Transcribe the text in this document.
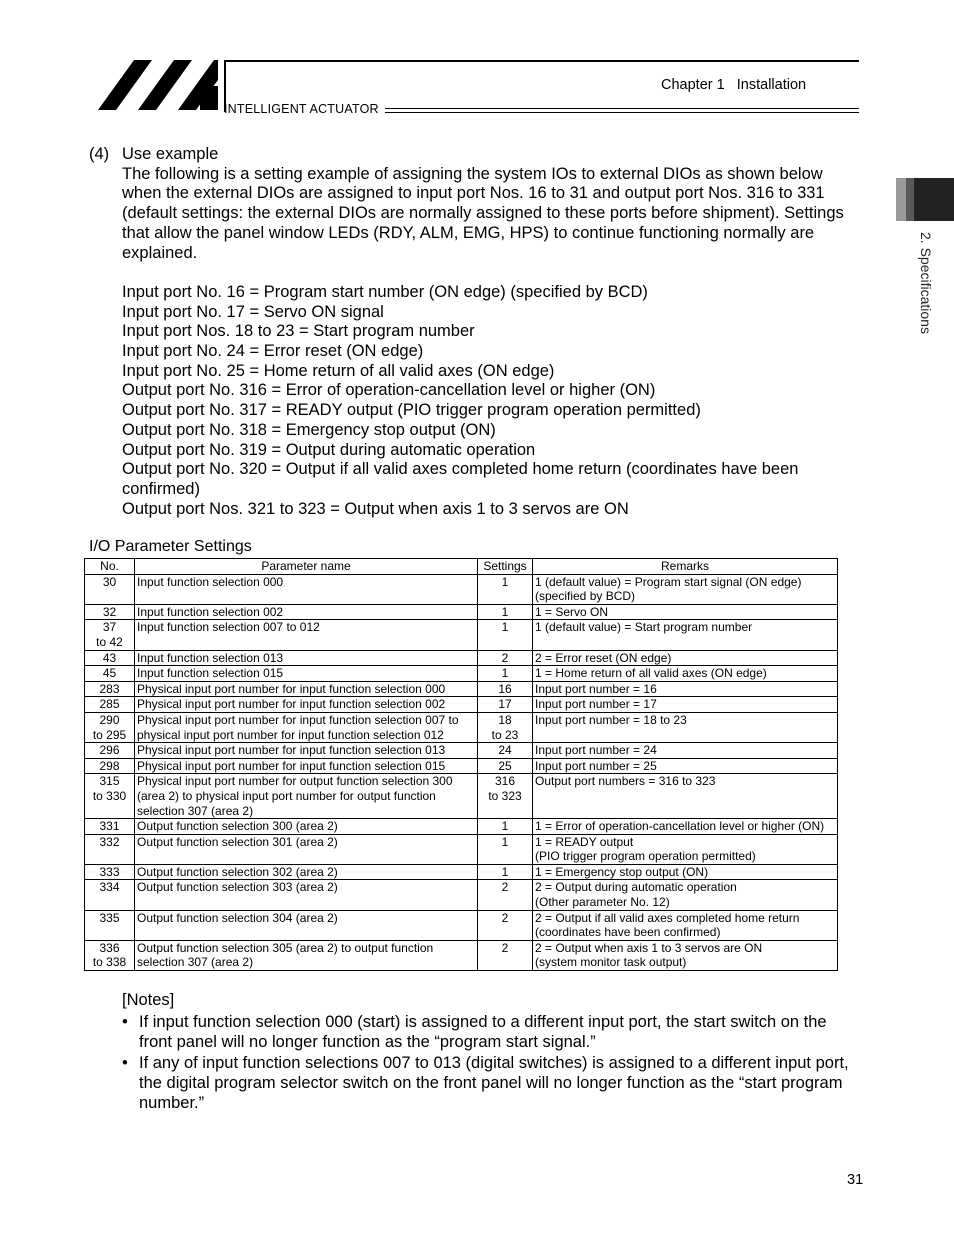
INTELLIGENT ACTUATOR
Chapter 1   Installation
2. Specifications
(4) Use example

The following is a setting example of assigning the system IOs to external DIOs as shown below when the external DIOs are assigned to input port Nos. 16 to 31 and output port Nos. 316 to 331 (default settings: the external DIOs are normally assigned to these ports before shipment). Settings that allow the panel window LEDs (RDY, ALM, EMG, HPS) to continue functioning normally are explained.

Input port No. 16 = Program start number (ON edge) (specified by BCD)

Input port No. 17 = Servo ON signal

Input port Nos. 18 to 23 = Start program number

Input port No. 24 = Error reset (ON edge)

Input port No. 25 = Home return of all valid axes (ON edge)

Output port No. 316 = Error of operation-cancellation level or higher (ON)

Output port No. 317 = READY output (PIO trigger program operation permitted)

Output port No. 318 = Emergency stop output (ON)

Output port No. 319 = Output during automatic operation

Output port No. 320 = Output if all valid axes completed home return (coordinates have been confirmed)

Output port Nos. 321 to 323 = Output when axis 1 to 3 servos are ON

I/O Parameter Settings
No.	Parameter name	Settings	Remarks
30	Input function selection 000	1	1 (default value) = Program start signal (ON edge) (specified by BCD)
32	Input function selection 002	1	1 = Servo ON
37
to 42	Input function selection 007 to 012	1	1 (default value) = Start program number
43	Input function selection 013	2	2 = Error reset (ON edge)
45	Input function selection 015	1	1 = Home return of all valid axes (ON edge)
283	Physical input port number for input function selection 000	16	Input port number = 16
285	Physical input port number for input function selection 002	17	Input port number = 17
290
to 295	Physical input port number for input function selection 007 to physical input port number for input function selection 012	18
to 23	Input port number = 18 to 23
296	Physical input port number for input function selection 013	24	Input port number = 24
298	Physical input port number for input function selection 015	25	Input port number = 25
315
to 330	Physical input port number for output function selection 300 (area 2) to physical input port number for output function selection 307 (area 2)	316
to 323	Output port numbers = 316 to 323
331	Output function selection 300 (area 2)	1	1 = Error of operation-cancellation level or higher (ON)
332	Output function selection 301 (area 2)	1	1 = READY output
(PIO trigger program operation permitted)
333	Output function selection 302 (area 2)	1	1 = Emergency stop output (ON)
334	Output function selection 303 (area 2)	2	2 = Output during automatic operation
(Other parameter No. 12)
335	Output function selection 304 (area 2)	2	2 = Output if all valid axes completed home return (coordinates have been confirmed)
336
to 338	Output function selection 305 (area 2) to output function selection 307 (area 2)	2	2 = Output when axis 1 to 3 servos are ON
(system monitor task output)
[Notes]
• If input function selection 000 (start) is assigned to a different input port, the start switch on the front panel will no longer function as the “program start signal.”
• If any of input function selections 007 to 013 (digital switches) is assigned to a different input port, the digital program selector switch on the front panel will no longer function as the “start program number.”
31
